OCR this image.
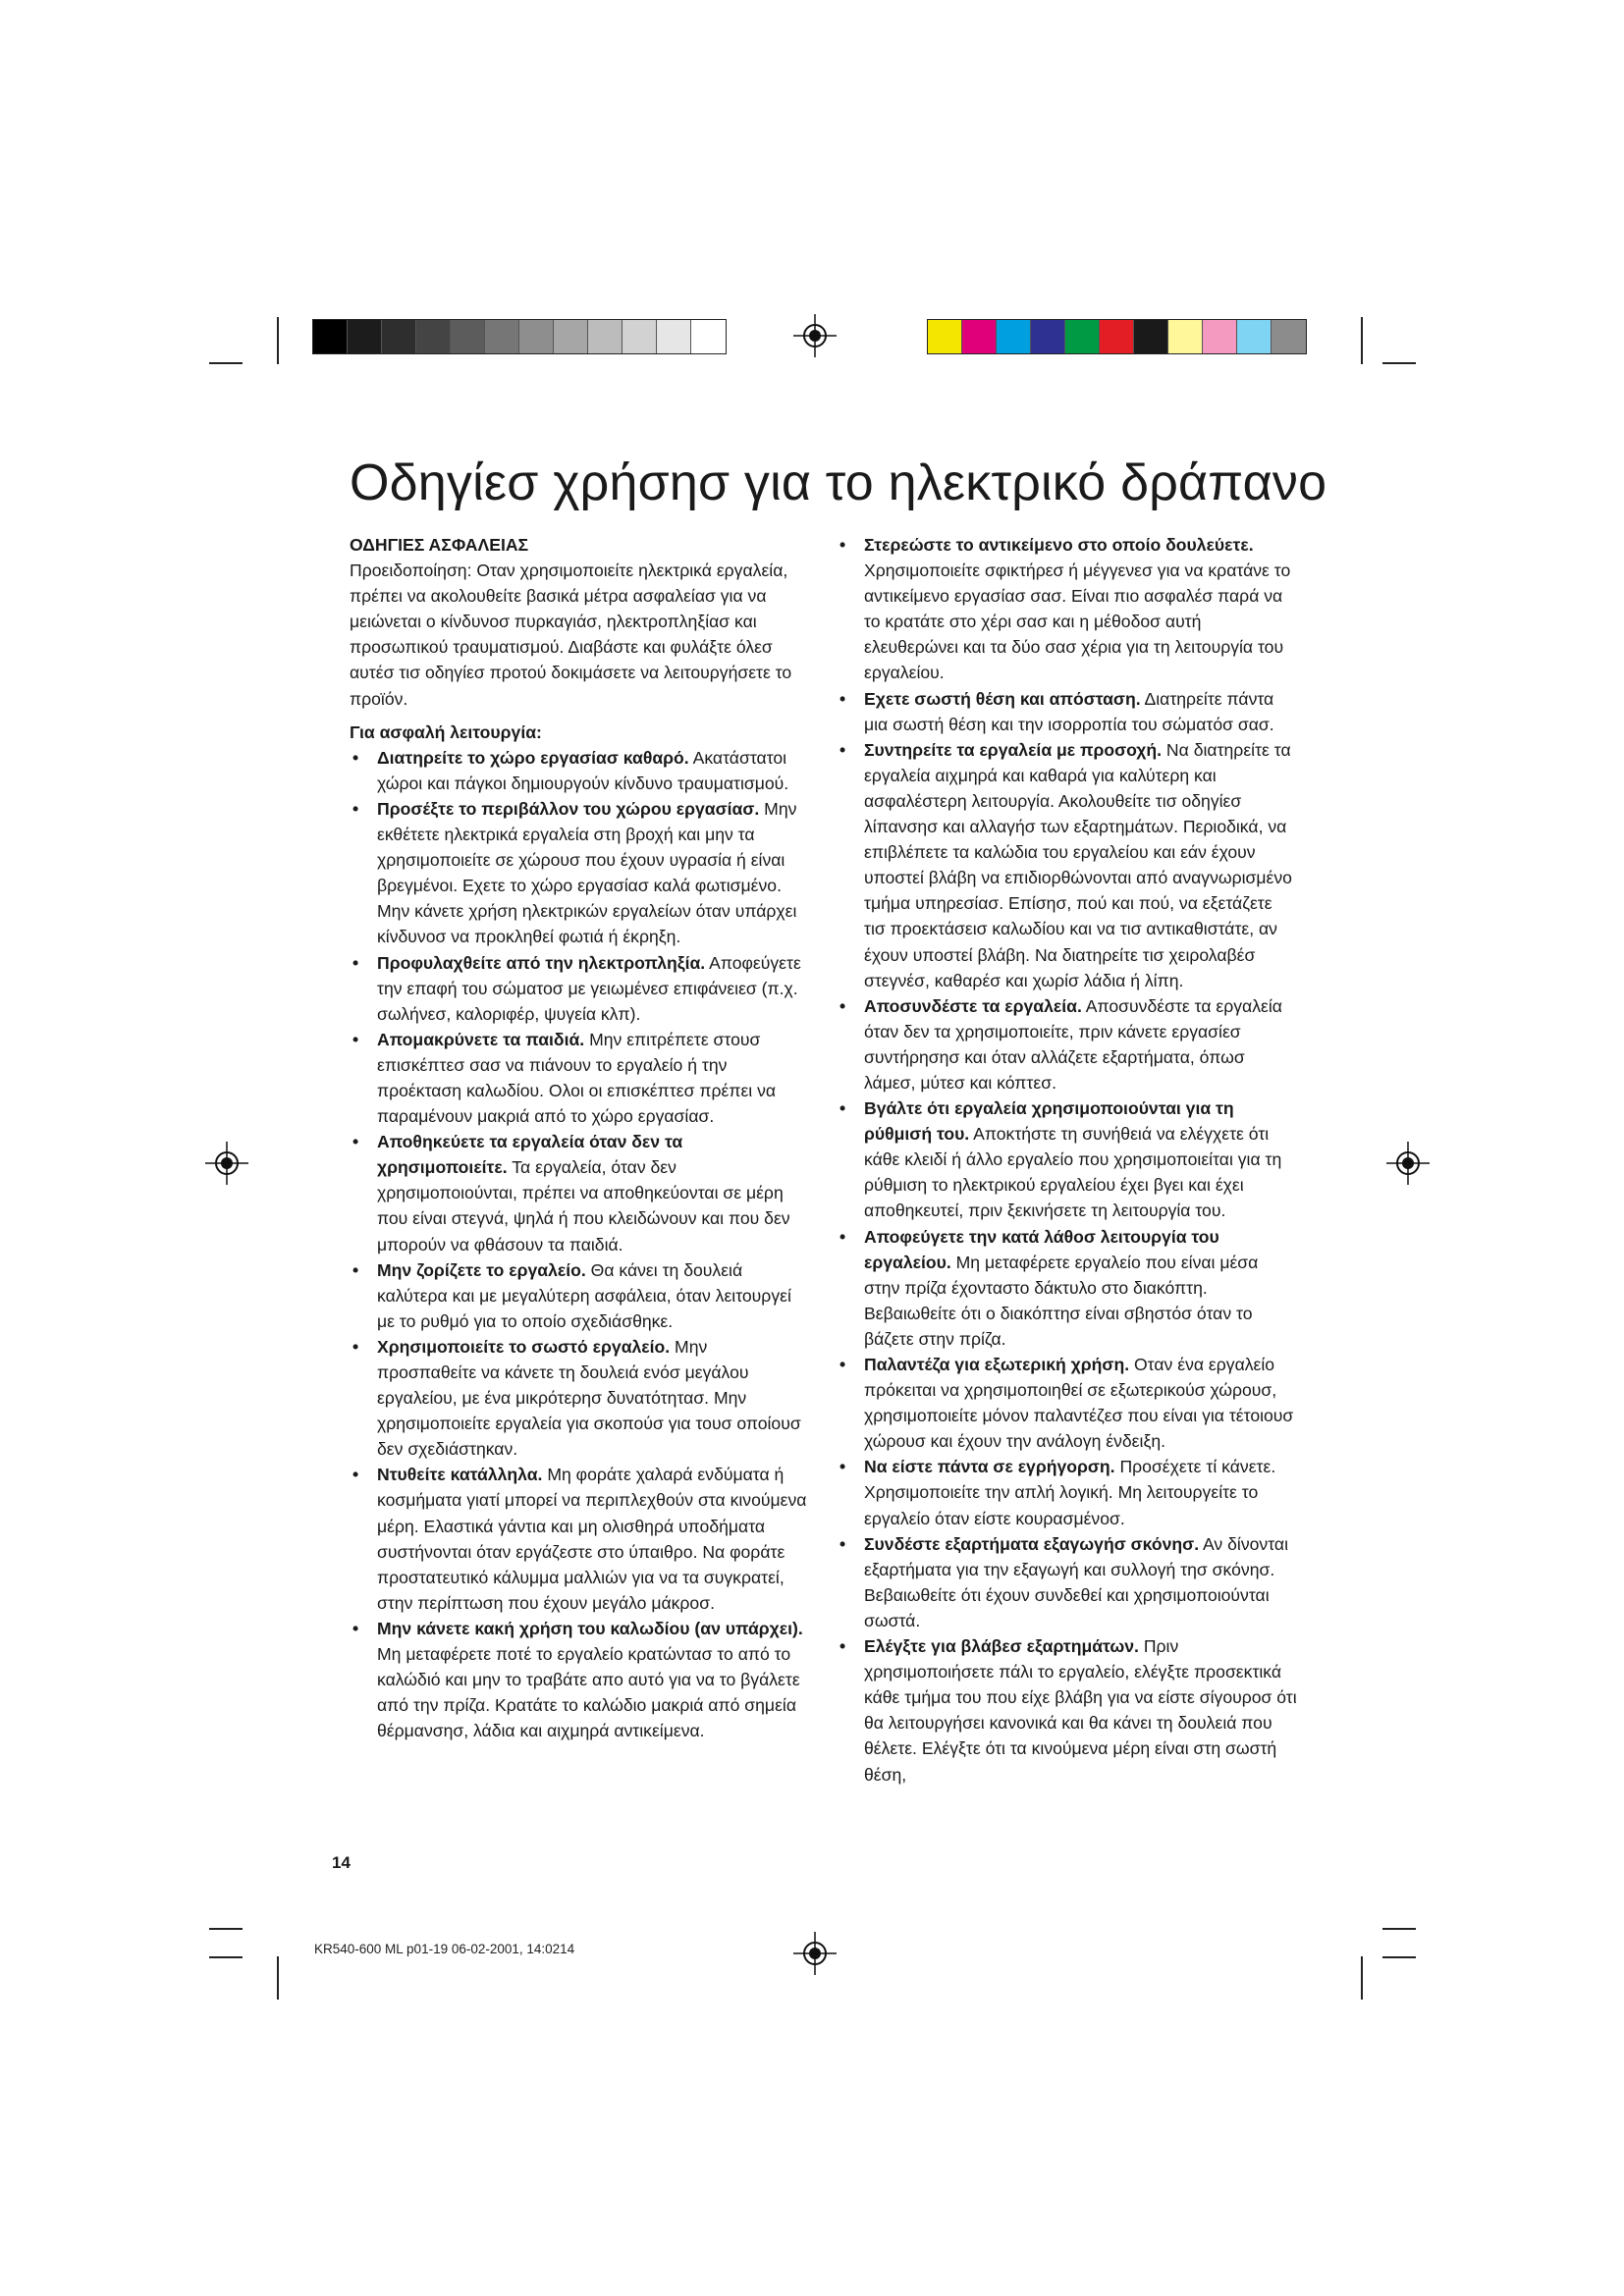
Οδηγίεσ χρήσησ για το ηλεκτρικό δράπανο

ΟΔΗΓΙΕΣ ΑΣΦΑΛΕΙΑΣ

Προειδοποίηση: Οταν χρησιμοποιείτε ηλεκτρικά εργαλεία, πρέπει να ακολουθείτε βασικά μέτρα ασφαλείασ για να μειώνεται ο κίνδυνοσ πυρκαγιάσ, ηλεκτροπληξίασ και προσωπικού τραυματισμού. Διαβάστε και φυλάξτε όλεσ αυτέσ τισ οδηγίεσ προτού δοκιμάσετε να λειτουργήσετε το προϊόν.

Για ασφαλή λειτουργία:

• Διατηρείτε το χώρο εργασίασ καθαρό. Ακατάστατοι χώροι και πάγκοι δημιουργούν κίνδυνο τραυματισμού.

• Προσέξτε το περιβάλλον του χώρου εργασίασ. Μην εκθέτετε ηλεκτρικά εργαλεία στη βροχή και μην τα χρησιμοποιείτε σε χώρουσ που έχουν υγρασία ή είναι βρεγμένοι. Εχετε το χώρο εργασίασ καλά φωτισμένο. Μην κάνετε χρήση ηλεκτρικών εργαλείων όταν υπάρχει κίνδυνοσ να προκληθεί φωτιά ή έκρηξη.

• Προφυλαχθείτε από την ηλεκτροπληξία. Αποφεύγετε την επαφή του σώματοσ με γειωμένεσ επιφάνειεσ (π.χ. σωλήνεσ, καλοριφέρ, ψυγεία κλπ).

• Απομακρύνετε τα παιδιά. Μην επιτρέπετε στουσ επισκέπτεσ σασ να πιάνουν το εργαλείο ή την προέκταση καλωδίου. Ολοι οι επισκέπτεσ πρέπει να παραμένουν μακριά από το χώρο εργασίασ.

• Αποθηκεύετε τα εργαλεία όταν δεν τα χρησιμοποιείτε. Τα εργαλεία, όταν δεν χρησιμοποιούνται, πρέπει να αποθηκεύονται σε μέρη που είναι στεγνά, ψηλά ή που κλειδώνουν και που δεν μπορούν να φθάσουν τα παιδιά.

• Μην ζορίζετε το εργαλείο. Θα κάνει τη δουλειά καλύτερα και με μεγαλύτερη ασφάλεια, όταν λειτουργεί με το ρυθμό για το οποίο σχεδιάσθηκε.

• Χρησιμοποιείτε το σωστό εργαλείο. Μην προσπαθείτε να κάνετε τη δουλειά ενόσ μεγάλου εργαλείου, με ένα μικρότερησ δυνατότητασ. Μην χρησιμοποιείτε εργαλεία για σκοπούσ για τουσ οποίουσ δεν σχεδιάστηκαν.

• Ντυθείτε κατάλληλα. Μη φοράτε χαλαρά ενδύματα ή κοσμήματα γιατί μπορεί να περιπλεχθούν στα κινούμενα μέρη. Ελαστικά γάντια και μη ολισθηρά υποδήματα συστήνονται όταν εργάζεστε στο ύπαιθρο. Να φοράτε προστατευτικό κάλυμμα μαλλιών για να τα συγκρατεί, στην περίπτωση που έχουν μεγάλο μάκροσ.

• Μην κάνετε κακή χρήση του καλωδίου (αν υπάρχει). Μη μεταφέρετε ποτέ το εργαλείο κρατώντασ το από το καλώδιό και μην το τραβάτε απο αυτό για να το βγάλετε από την πρίζα. Κρατάτε το καλώδιο μακριά από σημεία θέρμανσησ, λάδια και αιχμηρά αντικείμενα.

• Στερεώστε το αντικείμενο στο οποίο δουλεύετε. Χρησιμοποιείτε σφικτήρεσ ή μέγγενεσ για να κρατάνε το αντικείμενο εργασίασ σασ. Είναι πιο ασφαλέσ παρά να το κρατάτε στο χέρι σασ και η μέθοδοσ αυτή ελευθερώνει και τα δύο σασ χέρια για τη λειτουργία του εργαλείου.

• Εχετε σωστή θέση και απόσταση. Διατηρείτε πάντα μια σωστή θέση και την ισορροπία του σώματόσ σασ.

• Συντηρείτε τα εργαλεία με προσοχή. Να διατηρείτε τα εργαλεία αιχμηρά και καθαρά για καλύτερη και ασφαλέστερη λειτουργία. Ακολουθείτε τισ οδηγίεσ λίπανσησ και αλλαγήσ των εξαρτημάτων. Περιοδικά, να επιβλέπετε τα καλώδια του εργαλείου και εάν έχουν υποστεί βλάβη να επιδιορθώνονται από αναγνωρισμένο τμήμα υπηρεσίασ. Επίσησ, πού και πού, να εξετάζετε τισ προεκτάσεισ καλωδίου και να τισ αντικαθιστάτε, αν έχουν υποστεί βλάβη. Να διατηρείτε τισ χειρολαβέσ στεγνέσ, καθαρέσ και χωρίσ λάδια ή λίπη.

• Αποσυνδέστε τα εργαλεία. Αποσυνδέστε τα εργαλεία όταν δεν τα χρησιμοποιείτε, πριν κάνετε εργασίεσ συντήρησησ και όταν αλλάζετε εξαρτήματα, όπωσ λάμεσ, μύτεσ και κόπτεσ.

• Βγάλτε ότι εργαλεία χρησιμοποιούνται για τη ρύθμισή του. Αποκτήστε τη συνήθειά να ελέγχετε ότι κάθε κλειδί ή άλλο εργαλείο που χρησιμοποιείται για τη ρύθμιση το ηλεκτρικού εργαλείου έχει βγει και έχει αποθηκευτεί, πριν ξεκινήσετε τη λειτουργία του.

• Αποφεύγετε την κατά λάθοσ λειτουργία του εργαλείου. Μη μεταφέρετε εργαλείο που είναι μέσα στην πρίζα έχονταστο δάκτυλο στο διακόπτη. Βεβαιωθείτε ότι ο διακόπτησ είναι σβηστόσ όταν το βάζετε στην πρίζα.

• Παλαντέζα για εξωτερική χρήση. Οταν ένα εργαλείο πρόκειται να χρησιμοποιηθεί σε εξωτερικούσ χώρουσ, χρησιμοποιείτε μόνον παλαντέζεσ που είναι για τέτοιουσ χώρουσ και έχουν την ανάλογη ένδειξη.

• Να είστε πάντα σε εγρήγορση. Προσέχετε τί κάνετε. Χρησιμοποιείτε την απλή λογική. Μη λειτουργείτε το εργαλείο όταν είστε κουρασμένοσ.

• Συνδέστε εξαρτήματα εξαγωγήσ σκόνησ. Αν δίνονται εξαρτήματα για την εξαγωγή και συλλογή τησ σκόνησ. Βεβαιωθείτε ότι έχουν συνδεθεί και χρησιμοποιούνται σωστά.

• Ελέγξτε για βλάβεσ εξαρτημάτων. Πριν χρησιμοποιήσετε πάλι το εργαλείο, ελέγξτε προσεκτικά κάθε τμήμα του που είχε βλάβη για να είστε σίγουροσ ότι θα λειτουργήσει κανονικά και θα κάνει τη δουλειά που θέλετε. Ελέγξτε ότι τα κινούμενα μέρη είναι στη σωστή θέση,

14
KR540-600 ML p01-19 06-02-2001, 14:0214
